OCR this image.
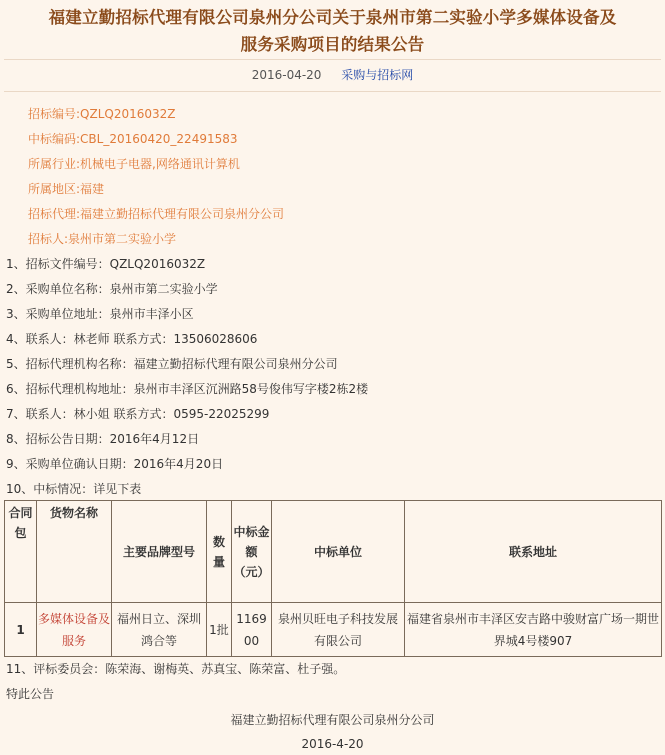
福建立勤招标代理有限公司泉州分公司关于泉州市第二实验小学多媒体设备及
服务采购项目的结果公告
2016-04-20 采购与招标网
招标编号:QZLQ2016032Z
中标编码:CBL_20160420_22491583
所属行业:机械电子电器,网络通讯计算机
所属地区:福建
招标代理:福建立勤招标代理有限公司泉州分公司
招标人:泉州市第二实验小学
1、招标文件编号：QZLQ2016032Z
2、采购单位名称：泉州市第二实验小学
3、采购单位地址：泉州市丰泽小区
4、联系人：林老师 联系方式：13506028606
5、招标代理机构名称：福建立勤招标代理有限公司泉州分公司
6、招标代理机构地址：泉州市丰泽区沉洲路58号俊伟写字楼2栋2楼
7、联系人：林小姐 联系方式：0595-22025299
8、招标公告日期：2016年4月12日
9、采购单位确认日期：2016年4月20日
10、中标情况：详见下表
合同包	货物名称	主要品牌型号	数量	中标金额（元）	中标单位	联系地址
1	多媒体设备及服务	福州日立、深圳鸿合等	1批	116900	泉州贝旺电子科技发展有限公司	福建省泉州市丰泽区安吉路中骏财富广场一期世界城4号楼907
11、评标委员会：陈荣海、谢梅英、苏真宝、陈荣富、杜子强。
特此公告
福建立勤招标代理有限公司泉州分公司
2016-4-20
